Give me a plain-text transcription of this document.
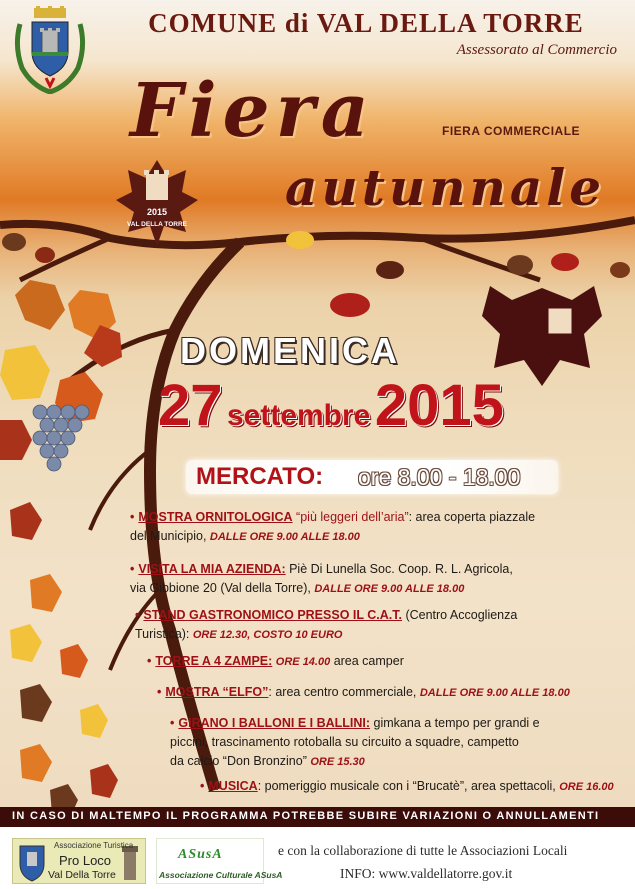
COMUNE di VAL DELLA TORRE
Assessorato al Commercio
Fiera
autunnale
FIERA COMMERCIALE
2015
VAL DELLA TORRE
DOMENICA
27 settembre 2015
MERCATO: ore 8.00 - 18.00
• MOSTRA ORNITOLOGICA “più leggeri dell’aria”: area coperta piazzale
del Municipio, DALLE ORE 9.00 ALLE 18.00
• VISITA LA MIA AZIENDA: Piè Di Lunella Soc. Coop. R. L. Agricola,
via Gibbione 20 (Val della Torre), DALLE ORE 9.00 ALLE 18.00
• STAND GASTRONOMICO PRESSO IL C.A.T. (Centro Accoglienza
Turistica): ORE 12.30, COSTO 10 EURO
• TORRE A 4 ZAMPE: ORE 14.00 area camper
• MOSTRA “ELFO”: area centro commerciale, DALLE ORE 9.00 ALLE 18.00
• GIRANO I BALLONI E I BALLINI: gimkana a tempo per grandi e
piccini, trascinamento rotoballa su circuito a squadre, campetto
da calcio “Don Bronzino” ORE 15.30
• MUSICA: pomeriggio musicale con i “Brucatè”, area spettacoli, ORE 16.00
IN CASO DI MALTEMPO IL PROGRAMMA POTREBBE SUBIRE VARIAZIONI O ANNULLAMENTI
Associazione Turistica
Pro Loco
Val Della Torre
ASusA
Associazione Culturale ASusA
e con la collaborazione di tutte le Associazioni Locali
INFO: www.valdellatorre.gov.it
